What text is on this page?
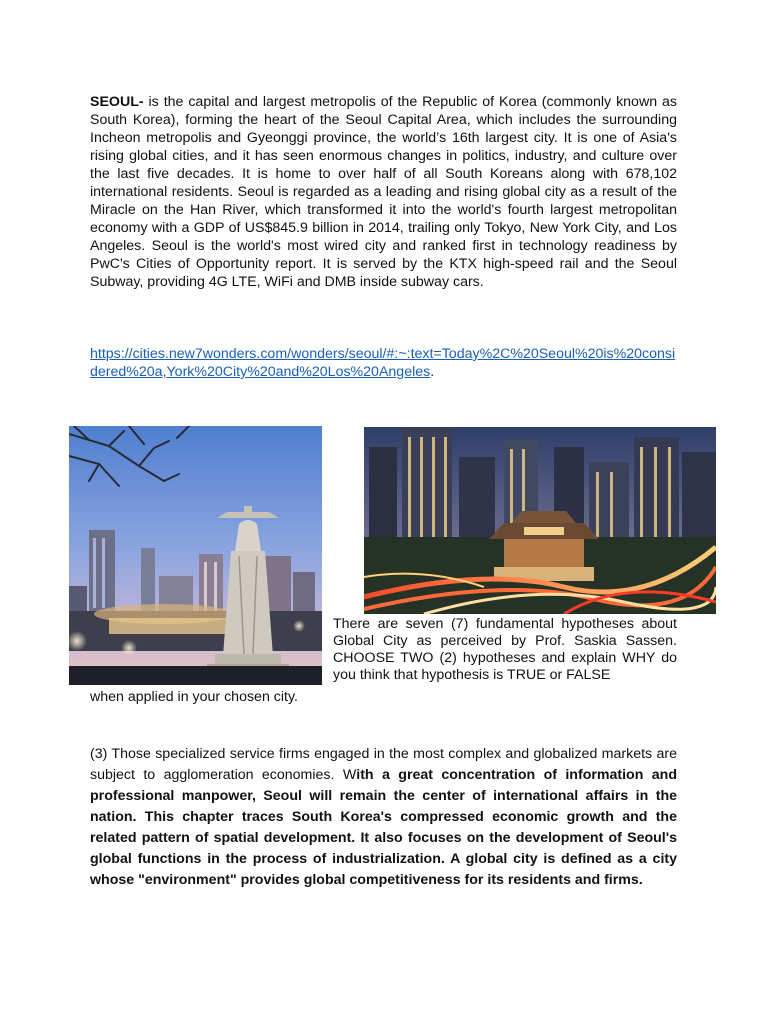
SEOUL- is the capital and largest metropolis of the Republic of Korea (commonly known as South Korea), forming the heart of the Seoul Capital Area, which includes the surrounding Incheon metropolis and Gyeonggi province, the world’s 16th largest city. It is one of Asia's rising global cities, and it has seen enormous changes in politics, industry, and culture over the last five decades. It is home to over half of all South Koreans along with 678,102 international residents. Seoul is regarded as a leading and rising global city as a result of the Miracle on the Han River, which transformed it into the world's fourth largest metropolitan economy with a GDP of US$845.9 billion in 2014, trailing only Tokyo, New York City, and Los Angeles. Seoul is the world's most wired city and ranked first in technology readiness by PwC's Cities of Opportunity report. It is served by the KTX high-speed rail and the Seoul Subway, providing 4G LTE, WiFi and DMB inside subway cars.
https://cities.new7wonders.com/wonders/seoul/#:~:text=Today%2C%20Seoul%20is%20considered%20a,York%20City%20and%20Los%20Angeles.
There are seven (7) fundamental hypotheses about Global City as perceived by Prof. Saskia Sassen. CHOOSE TWO (2) hypotheses and explain WHY do you think that hypothesis is TRUE or FALSE
when applied in your chosen city.
(3) Those specialized service firms engaged in the most complex and globalized markets are subject to agglomeration economies. With a great concentration of information and professional manpower, Seoul will remain the center of international affairs in the nation. This chapter traces South Korea's compressed economic growth and the related pattern of spatial development. It also focuses on the development of Seoul's global functions in the process of industrialization. A global city is defined as a city whose "environment" provides global competitiveness for its residents and firms.
